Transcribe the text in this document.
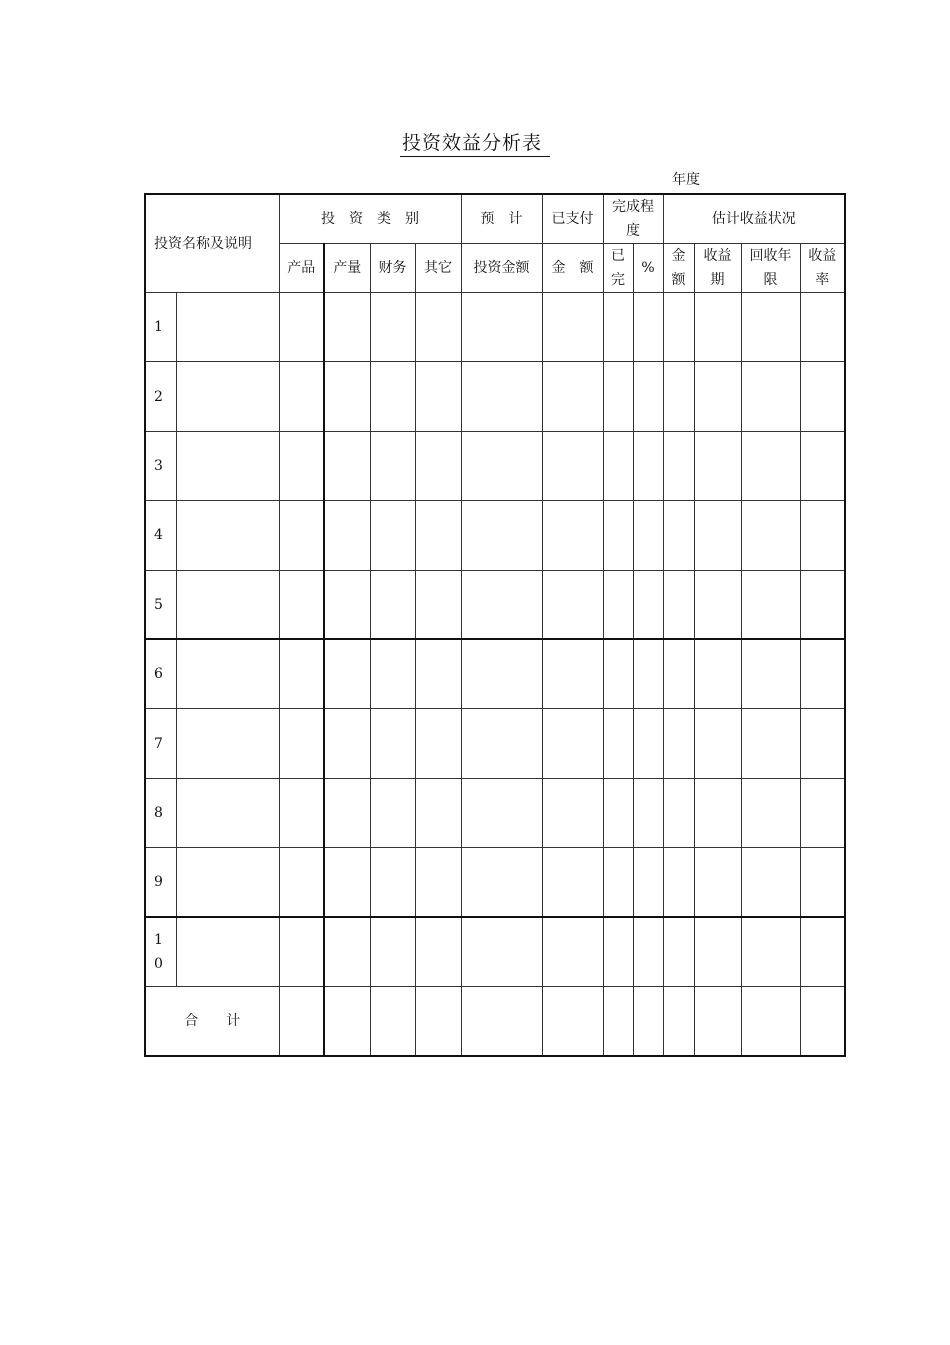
投资效益分析表
年度
投资名称及说明		投　资　类　别				预　计	已支付	完成程度		估计收益状况			
		产品	产量	财务	其它	投资金额	金　额	已完	%	金额	收益期	回收年限	收益率
1													
2													
3													
4													
5													
6													
7													
8													
9													
10													
合　　计													
